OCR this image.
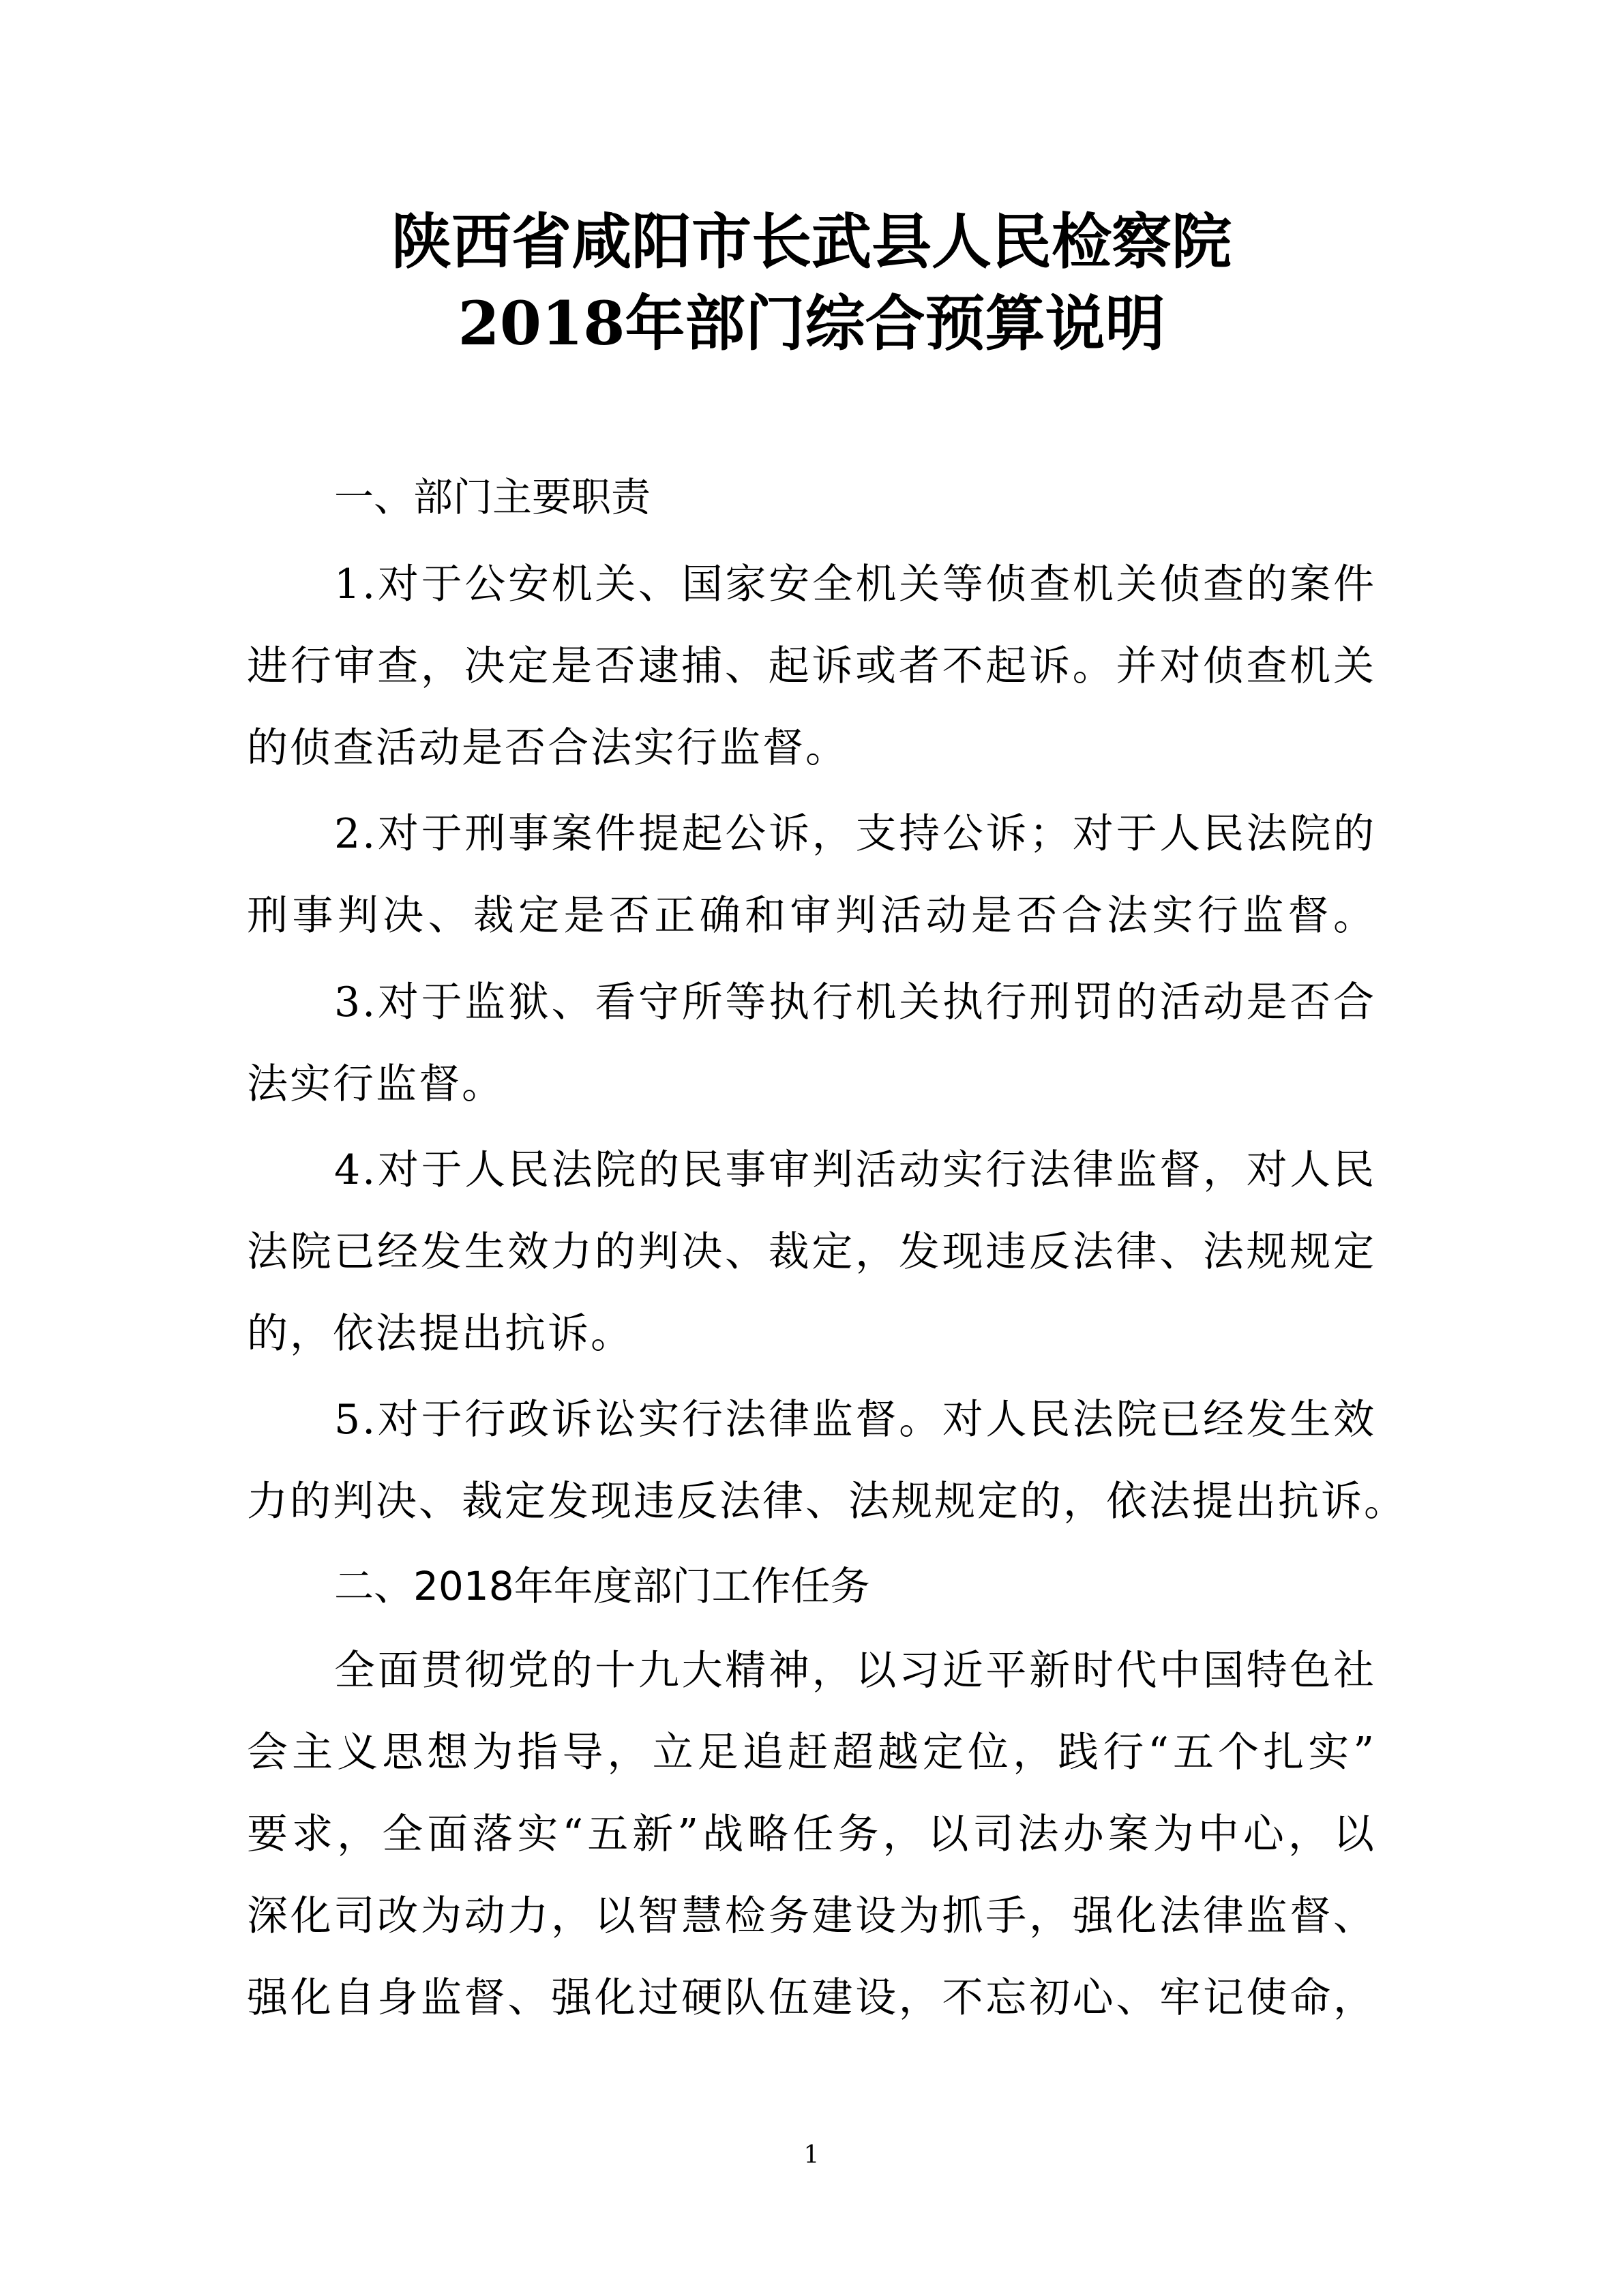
陕西省咸阳市长武县人民检察院
2018年部门综合预算说明
一、部门主要职责
1.对于公安机关、国家安全机关等侦查机关侦查的案件
进行审查，决定是否逮捕、起诉或者不起诉。并对侦查机关
的侦查活动是否合法实行监督。
2.对于刑事案件提起公诉，支持公诉；对于人民法院的
刑事判决、裁定是否正确和审判活动是否合法实行监督。
3.对于监狱、看守所等执行机关执行刑罚的活动是否合
法实行监督。
4.对于人民法院的民事审判活动实行法律监督，对人民
法院已经发生效力的判决、裁定，发现违反法律、法规规定
的，依法提出抗诉。
5.对于行政诉讼实行法律监督。对人民法院已经发生效
力的判决、裁定发现违反法律、法规规定的，依法提出抗诉。
二、2018年年度部门工作任务
全面贯彻党的十九大精神，以习近平新时代中国特色社
会主义思想为指导，立足追赶超越定位，践行“五个扎实”
要求，全面落实“五新”战略任务，以司法办案为中心，以
深化司改为动力，以智慧检务建设为抓手，强化法律监督、
强化自身监督、强化过硬队伍建设，不忘初心、牢记使命，
1
